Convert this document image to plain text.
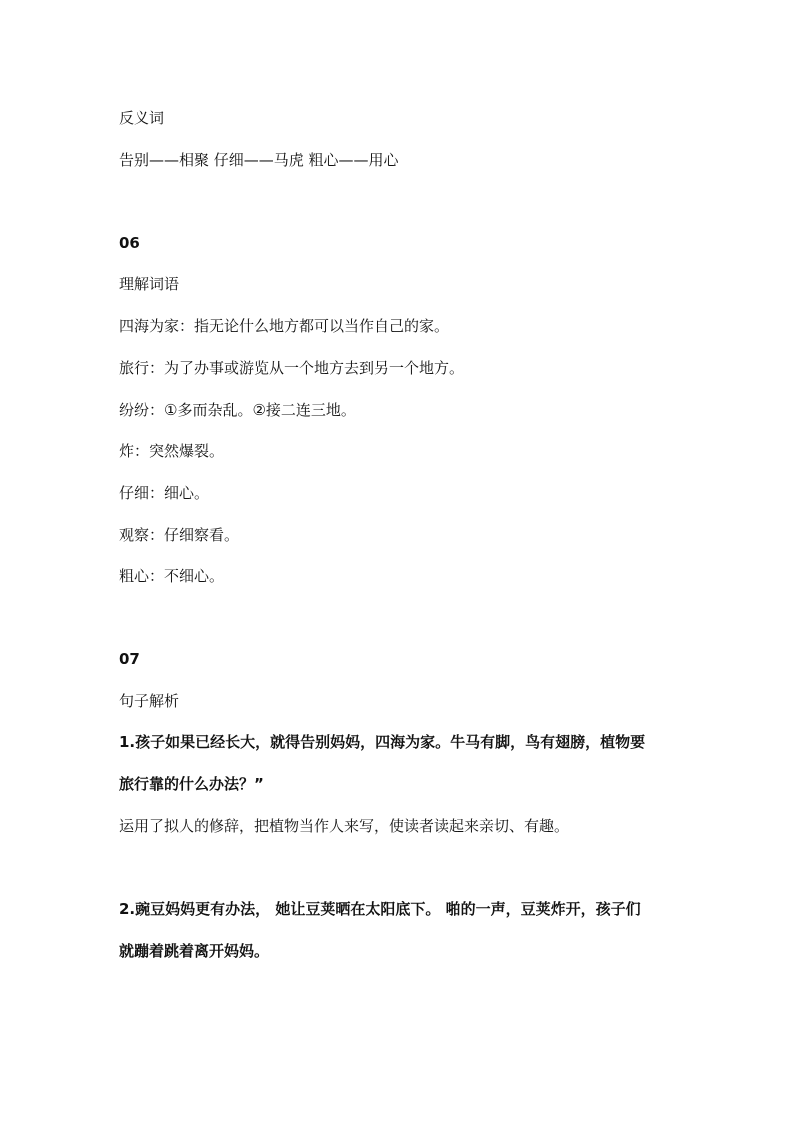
反义词
告别——相聚 仔细——马虎 粗心——用心
06
理解词语
四海为家：指无论什么地方都可以当作自己的家。
旅行：为了办事或游览从一个地方去到另一个地方。
纷纷：①多而杂乱。②接二连三地。
炸：突然爆裂。
仔细：细心。
观察：仔细察看。
粗心：不细心。
07
句子解析
1.孩子如果已经长大，就得告别妈妈，四海为家。牛马有脚，鸟有翅膀，植物要
旅行靠的什么办法？”
运用了拟人的修辞，把植物当作人来写，使读者读起来亲切、有趣。
2.豌豆妈妈更有办法， 她让豆荚晒在太阳底下。 啪的一声，豆荚炸开，孩子们
就蹦着跳着离开妈妈。
